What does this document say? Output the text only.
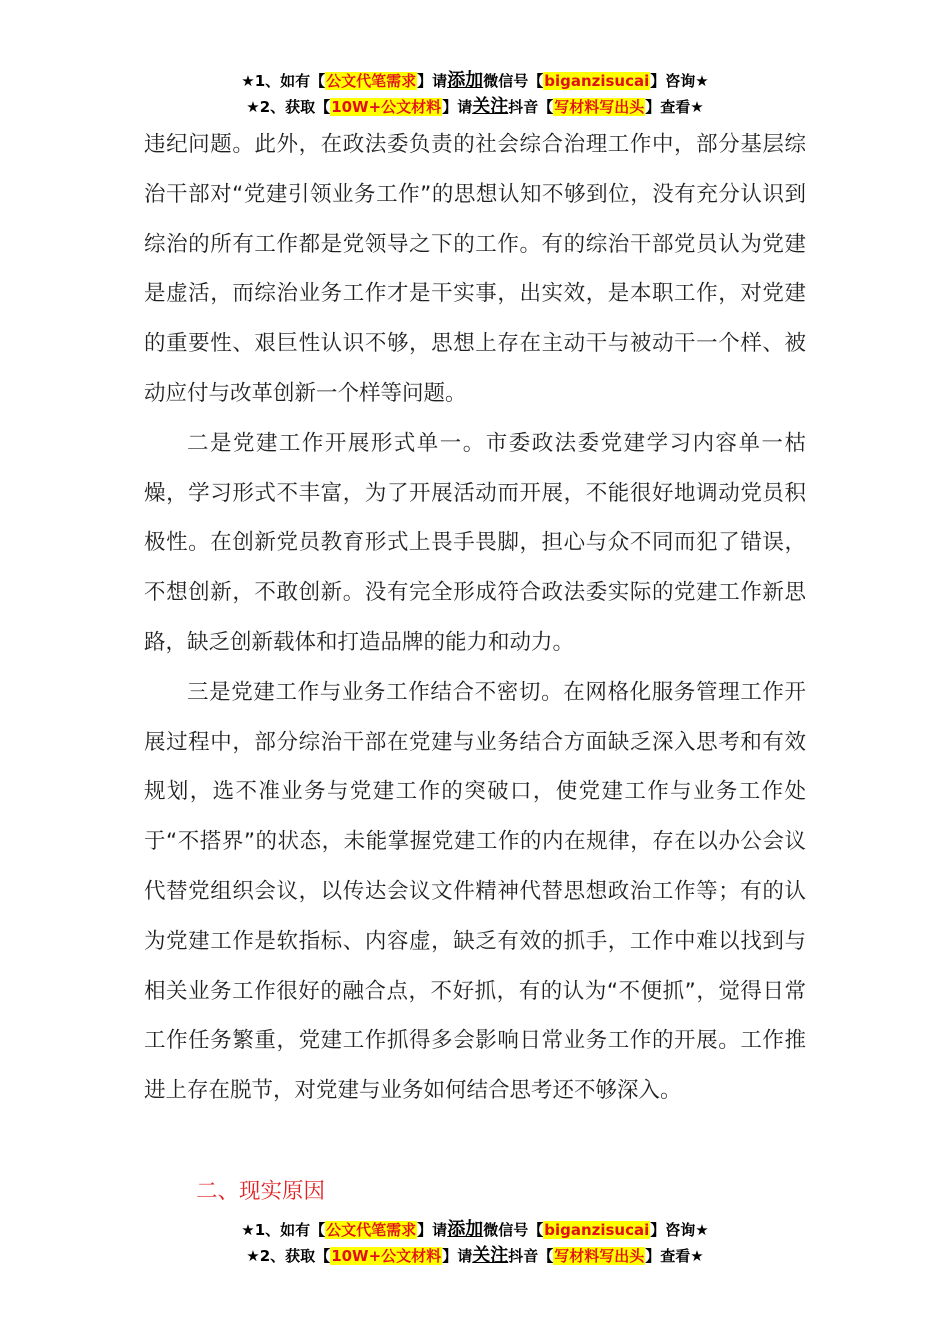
★1、如有【公文代笔需求】请添加微信号【biganzisucai】咨询★
★2、获取【10W+公文材料】请关注抖音【写材料写出头】查看★

违纪问题。此外，在政法委负责的社会综合治理工作中，部分基层综治干部对“党建引领业务工作”的思想认知不够到位，没有充分认识到综治的所有工作都是党领导之下的工作。有的综治干部党员认为党建是虚活，而综治业务工作才是干实事，出实效，是本职工作，对党建的重要性、艰巨性认识不够，思想上存在主动干与被动干一个样、被动应付与改革创新一个样等问题。

二是党建工作开展形式单一。市委政法委党建学习内容单一枯燥，学习形式不丰富，为了开展活动而开展，不能很好地调动党员积极性。在创新党员教育形式上畏手畏脚，担心与众不同而犯了错误，不想创新，不敢创新。没有完全形成符合政法委实际的党建工作新思路，缺乏创新载体和打造品牌的能力和动力。

三是党建工作与业务工作结合不密切。在网格化服务管理工作开展过程中，部分综治干部在党建与业务结合方面缺乏深入思考和有效规划，选不准业务与党建工作的突破口，使党建工作与业务工作处于“不搭界”的状态，未能掌握党建工作的内在规律，存在以办公会议代替党组织会议，以传达会议文件精神代替思想政治工作等；有的认为党建工作是软指标、内容虚，缺乏有效的抓手，工作中难以找到与相关业务工作很好的融合点，不好抓，有的认为“不便抓”，觉得日常工作任务繁重，党建工作抓得多会影响日常业务工作的开展。工作推进上存在脱节，对党建与业务如何结合思考还不够深入。

二、现实原因
★1、如有【公文代笔需求】请添加微信号【biganzisucai】咨询★
★2、获取【10W+公文材料】请关注抖音【写材料写出头】查看★
